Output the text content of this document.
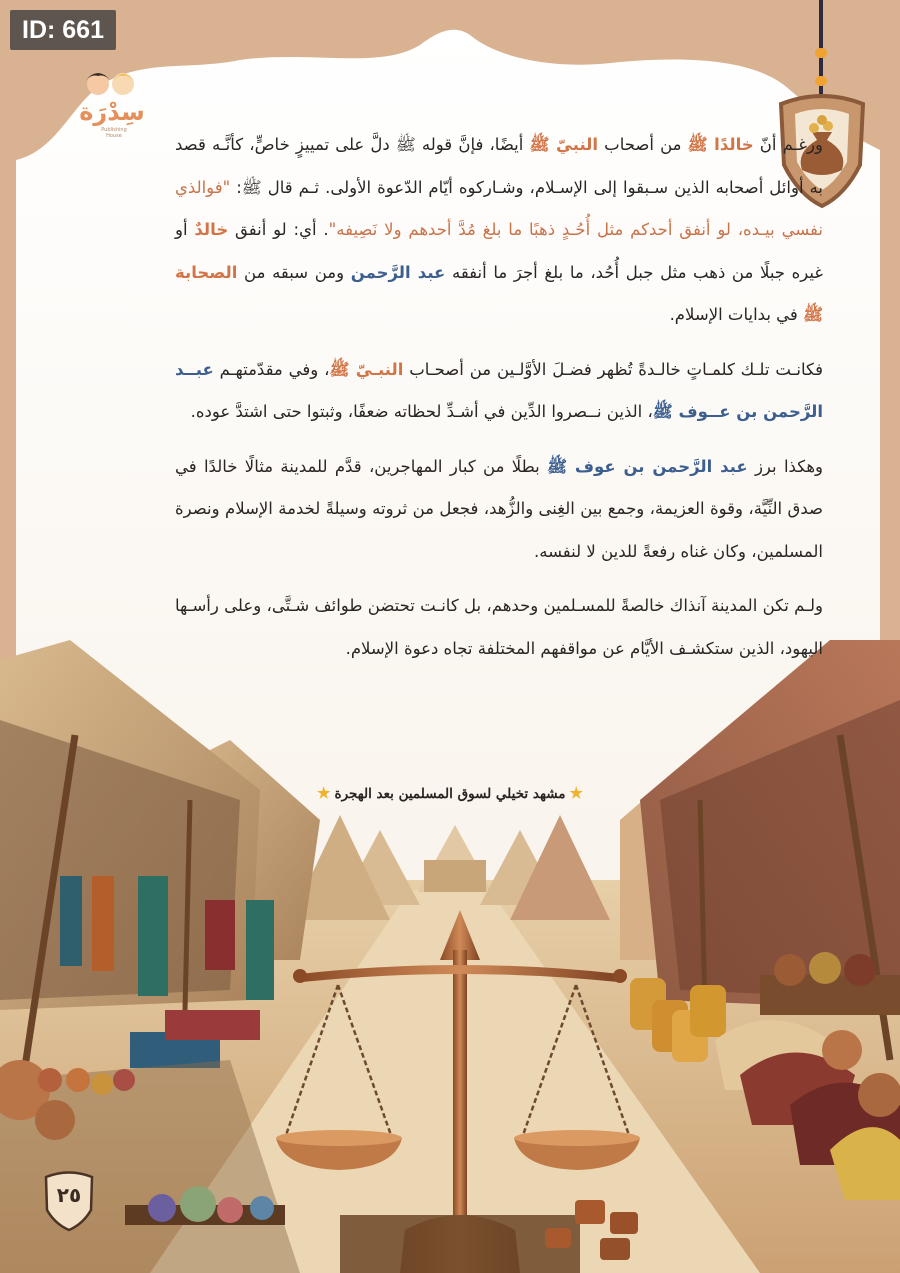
ID: 661
سِدْرَة
Publishing House	ورغـم أنّ خالدًا ﷺ من أصحاب النبيّ ﷺ أيضًا، فإنَّ قوله ﷺ دلَّ على تمييزٍ خاصٍّ، كأنَّـه قصد به أوائل أصحابه الذين سـبقوا إلى الإسـلام، وشـاركوه أيّام الدّعوة الأولى. ثـم قال ﷺ: "فوالذي نفسي بيـده، لو أنفق أحدكم مثل أُحُـدٍ ذهبًا ما بلغ مُدَّ أحدهم ولا نَصِيفه". أي: لو أنفق خالدٌ أو غيره جبلًا من ذهب مثل جبل أُحُد، ما بلغ أجرَ ما أنفقه عبد الرَّحمن ومن سبقه من الصحابة ﷺ في بدايات الإسلام.

فكانـت تلـك كلمـاتٍ خالـدةً تُظهر فضـلَ الأوَّلـين من أصحـاب النبـيّ ﷺ، وفي مقدّمتهـم عبــد الرَّحمن بن عــوف ﷺ، الذين نــصروا الدِّين في أشـدِّ لحظاته ضعفًا، وثبتوا حتى اشتدَّ عوده.

وهكذا برز عبد الرَّحمن بن عوف ﷺ بطلًا من كبار المهاجرين، قدَّم للمدينة مثالًا خالدًا في صدق النِّيَّة، وقوة العزيمة، وجمع بين الغِنى والزُّهد، فجعل من ثروته وسيلةً لخدمة الإسلام ونصرة المسلمين، وكان غناه رفعةً للدين لا لنفسه.

ولـم تكن المدينة آنذاك خالصةً للمسـلمين وحدهم، بل كانـت تحتضن طوائف شـتَّى، وعلى رأسـها اليهود، الذين ستكشـف الأيَّام عن مواقفهم المختلفة تجاه دعوة الإسلام.

★مشهد تخيلي لسوق المسلمين بعد الهجرة★
٢٥
